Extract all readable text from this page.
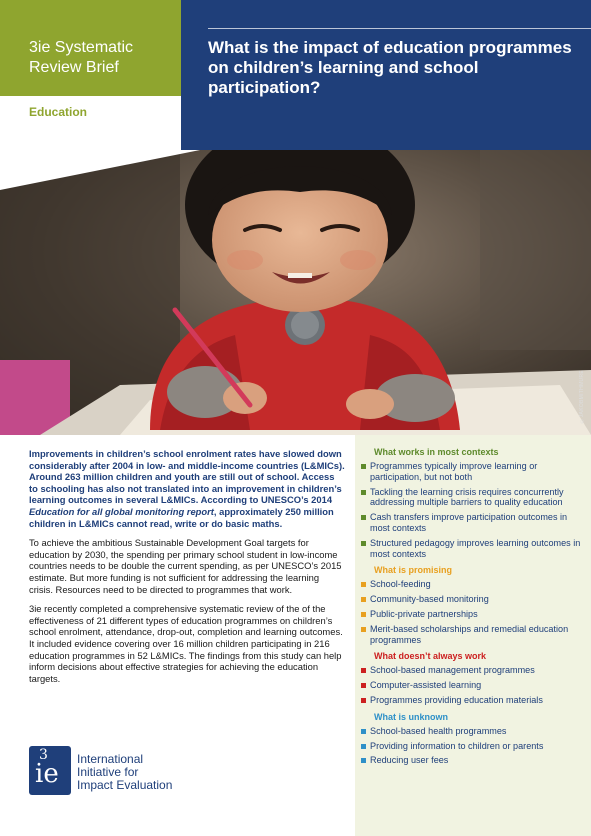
©JAKOBMITHMURE
What is the impact of education programmes on children’s learning and school participation?
3ie Systematic Review Brief
Education

Improvements in children’s school enrolment rates have slowed down considerably after 2004 in low- and middle-income countries (L&MICs). Around 263 million children and youth are still out of school. Access to schooling has also not translated into an improvement in children’s learning outcomes in several L&MICs. According to UNESCO’s 2014 Education for all global monitoring report, approximately 250 million children in L&MICs cannot read, write or do basic maths.

To achieve the ambitious Sustainable Development Goal targets for education by 2030, the spending per primary school student in low-income countries needs to be double the current spending, as per UNESCO’s 2015 estimate. But more funding is not sufficient for addressing the learning crisis. Resources need to be directed to programmes that work.

3ie recently completed a comprehensive systematic review of the of the effectiveness of 21 different types of education programmes on children’s school enrolment, attendance, drop-out, completion and learning outcomes. It included evidence covering over 16 million children participating in 216 education programmes in 52 L&MICs. The findings from this study can help inform decisions about effective strategies for achieving the education targets.

3
ie International
Initiative for
Impact Evaluation
What works in most contexts
Programmes typically improve learning or participation, but not both
Tackling the learning crisis requires concurrently addressing multiple barriers to quality education
Cash transfers improve participation outcomes in most contexts
Structured pedagogy improves learning outcomes in most contexts
What is promising
School-feeding
Community-based monitoring
Public-private partnerships
Merit-based scholarships and remedial education programmes
What doesn’t always work
School-based management programmes
Computer-assisted learning
Programmes providing education materials
What is unknown
School-based health programmes
Providing information to children or parents
Reducing user fees
